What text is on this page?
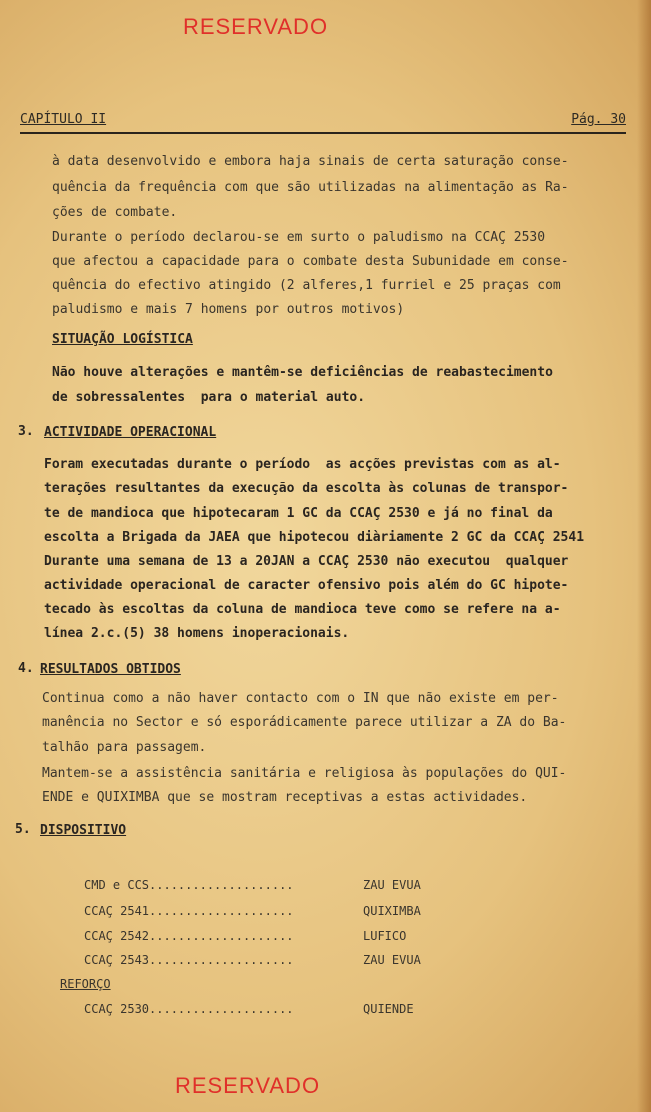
RESERVADO
CAPÍTULO II	Pág. 30
à data desenvolvido e embora haja sinais de certa saturação conse-
quência da frequência com que são utilizadas na alimentação as Ra-
ções de combate.
Durante o período declarou-se em surto o paludismo na CCAÇ 2530
que afectou a capacidade para o combate desta Subunidade em conse-
quência do efectivo atingido (2 alferes,1 furriel e 25 praças com
paludismo e mais 7 homens por outros motivos)
SITUAÇÃO LOGÍSTICA
Não houve alterações e mantêm-se deficiências de reabastecimento
de sobressalentes  para o material auto.
3. ACTIVIDADE OPERACIONAL
Foram executadas durante o período  as acções previstas com as al-
terações resultantes da execução da escolta às colunas de transpor-
te de mandioca que hipotecaram 1 GC da CCAÇ 2530 e já no final da
escolta a Brigada da JAEA que hipotecou diàriamente 2 GC da CCAÇ 2541
Durante uma semana de 13 a 20JAN a CCAÇ 2530 não executou  qualquer
actividade operacional de caracter ofensivo pois além do GC hipote-
tecado às escoltas da coluna de mandioca teve como se refere na a-
línea 2.c.(5) 38 homens inoperacionais.
4. RESULTADOS OBTIDOS
Continua como a não haver contacto com o IN que não existe em per-
manência no Sector e só esporádicamente parece utilizar a ZA do Ba-
talhão para passagem.
Mantem-se a assistência sanitária e religiosa às populações do QUI-
ENDE e QUIXIMBA que se mostram receptivas a estas actividades.
5. DISPOSITIVO
CMD e CCS....................	ZAU EVUA
CCAÇ 2541....................	QUIXIMBA
CCAÇ 2542....................	LUFICO
CCAÇ 2543....................	ZAU EVUA
REFORÇO
CCAÇ 2530....................	QUIENDE
RESERVADO
